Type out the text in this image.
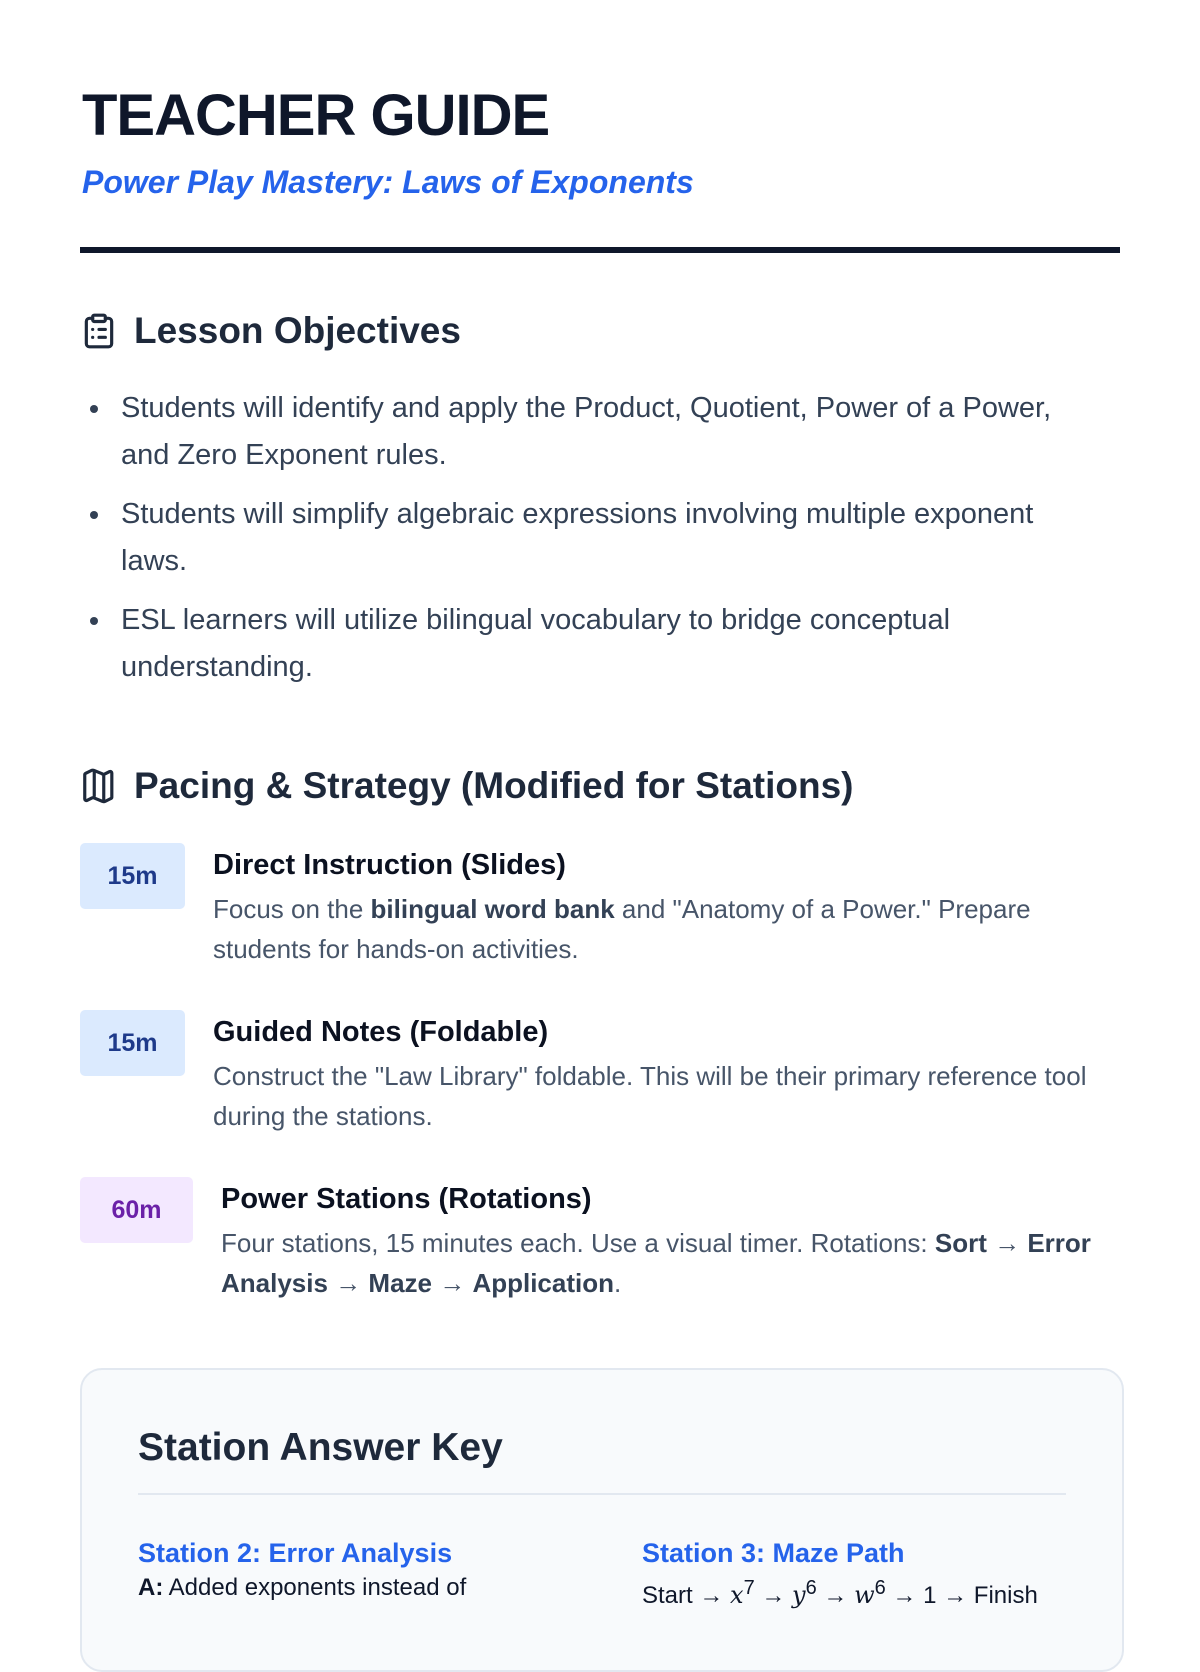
TEACHER GUIDE
Power Play Mastery: Laws of Exponents
Lesson Objectives
Students will identify and apply the Product, Quotient, Power of a Power, and Zero Exponent rules.
Students will simplify algebraic expressions involving multiple exponent laws.
ESL learners will utilize bilingual vocabulary to bridge conceptual understanding.
Pacing & Strategy (Modified for Stations)
15m	Direct Instruction (Slides)
Focus on the bilingual word bank and "Anatomy of a Power." Prepare students for hands-on activities.
15m	Guided Notes (Foldable)
Construct the "Law Library" foldable. This will be their primary reference tool during the stations.
60m	Power Stations (Rotations)
Four stations, 15 minutes each. Use a visual timer. Rotations: Sort → Error Analysis → Maze → Application.
Station Answer Key
Station 2: Error Analysis
A: Added exponents instead of
Station 3: Maze Path
Start → $x^7 \to y^6 \to w^6 \to 1$ → Finish
